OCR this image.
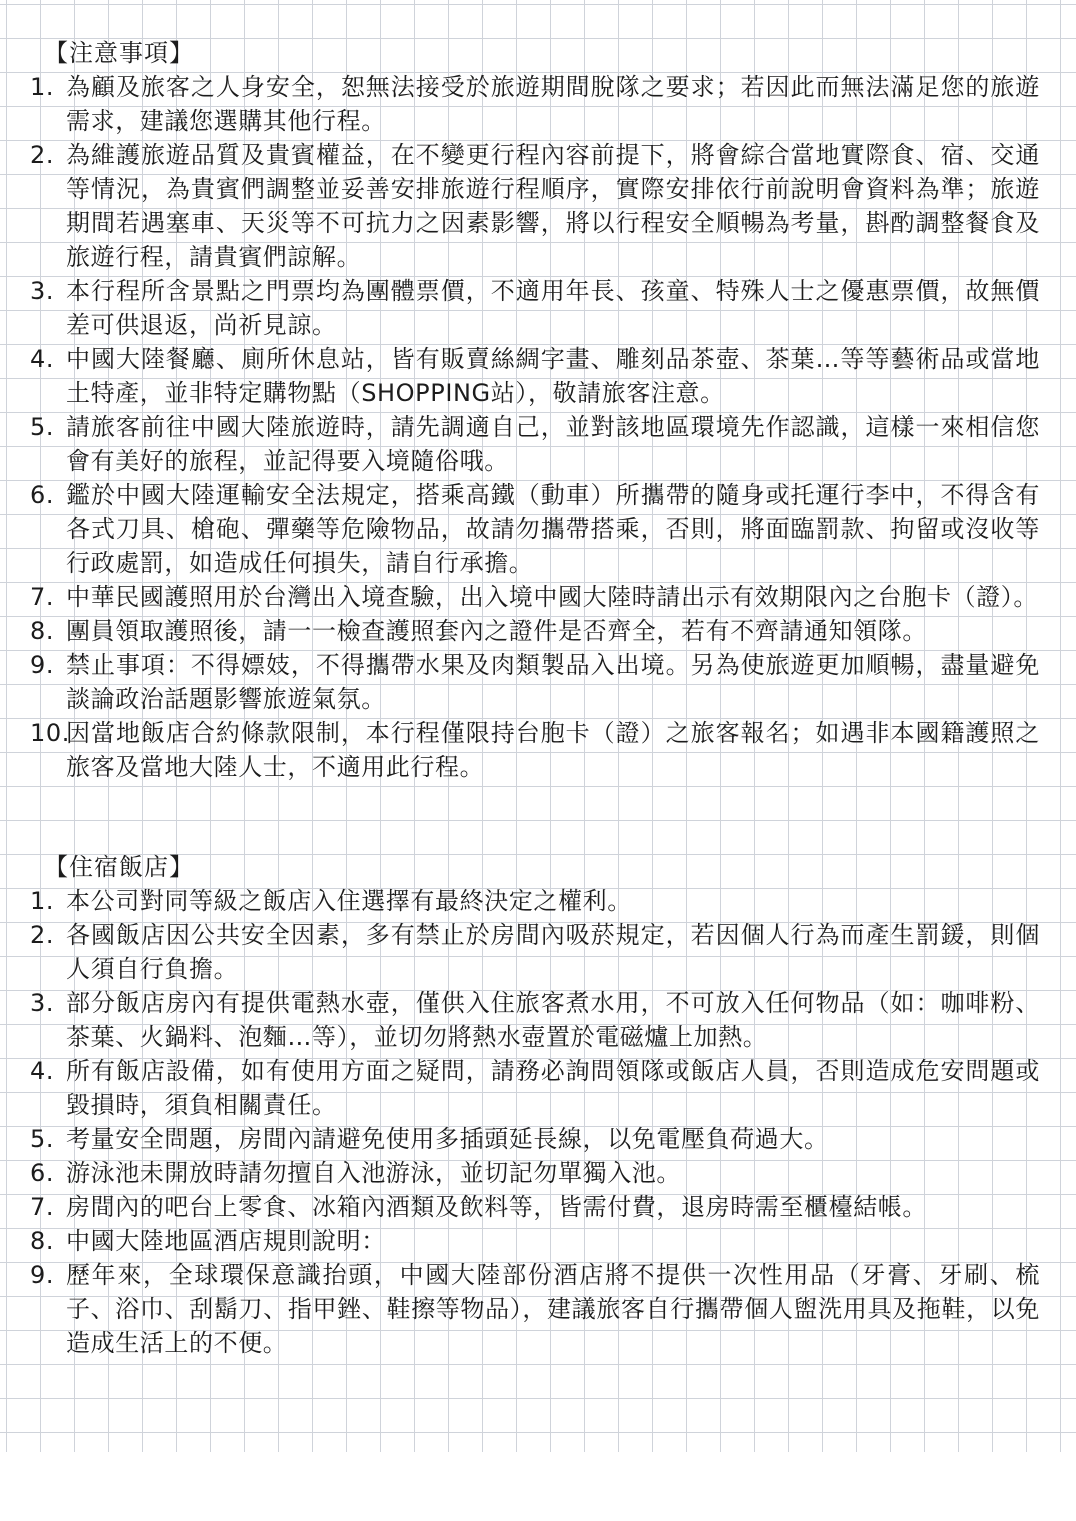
【注意事項】
1. 為顧及旅客之人身安全，恕無法接受於旅遊期間脫隊之要求；若因此而無法滿足您的旅遊需求，建議您選購其他行程。
2. 為維護旅遊品質及貴賓權益，在不變更行程內容前提下，將會綜合當地實際食、宿、交通等情況，為貴賓們調整並妥善安排旅遊行程順序，實際安排依行前說明會資料為準；旅遊期間若遇塞車、天災等不可抗力之因素影響，將以行程安全順暢為考量，斟酌調整餐食及旅遊行程，請貴賓們諒解。
3. 本行程所含景點之門票均為團體票價，不適用年長、孩童、特殊人士之優惠票價，故無價差可供退返，尚祈見諒。
4. 中國大陸餐廳、廁所休息站，皆有販賣絲綢字畫、雕刻品茶壺、茶葉…等等藝術品或當地土特產，並非特定購物點（SHOPPING站），敬請旅客注意。
5. 請旅客前往中國大陸旅遊時，請先調適自己，並對該地區環境先作認識，這樣一來相信您會有美好的旅程，並記得要入境隨俗哦。
6. 鑑於中國大陸運輸安全法規定，搭乘高鐵（動車）所攜帶的隨身或托運行李中，不得含有各式刀具、槍砲、彈藥等危險物品，故請勿攜帶搭乘，否則，將面臨罰款、拘留或沒收等行政處罰，如造成任何損失，請自行承擔。
7. 中華民國護照用於台灣出入境查驗，出入境中國大陸時請出示有效期限內之台胞卡（證）。
8. 團員領取護照後，請一一檢查護照套內之證件是否齊全，若有不齊請通知領隊。
9. 禁止事項：不得嫖妓，不得攜帶水果及肉類製品入出境。另為使旅遊更加順暢，盡量避免談論政治話題影響旅遊氣氛。
10.
因當地飯店合約條款限制，本行程僅限持台胞卡（證）之旅客報名；如遇非本國籍護照之旅客及當地大陸人士，不適用此行程。
【住宿飯店】
1. 本公司對同等級之飯店入住選擇有最終決定之權利。
2. 各國飯店因公共安全因素，多有禁止於房間內吸菸規定，若因個人行為而產生罰鍰，則個人須自行負擔。
3. 部分飯店房內有提供電熱水壺，僅供入住旅客煮水用，不可放入任何物品（如：咖啡粉、茶葉、火鍋料、泡麵…等），並切勿將熱水壺置於電磁爐上加熱。
4. 所有飯店設備，如有使用方面之疑問，請務必詢問領隊或飯店人員，否則造成危安問題或毀損時，須負相關責任。
5. 考量安全問題，房間內請避免使用多插頭延長線，以免電壓負荷過大。
6. 游泳池未開放時請勿擅自入池游泳，並切記勿單獨入池。
7. 房間內的吧台上零食、冰箱內酒類及飲料等，皆需付費，退房時需至櫃檯結帳。
8. 中國大陸地區酒店規則說明：
9. 歷年來，全球環保意識抬頭，中國大陸部份酒店將不提供一次性用品（牙膏、牙刷、梳子、浴巾、刮鬍刀、指甲銼、鞋擦等物品），建議旅客自行攜帶個人盥洗用具及拖鞋，以免造成生活上的不便。
